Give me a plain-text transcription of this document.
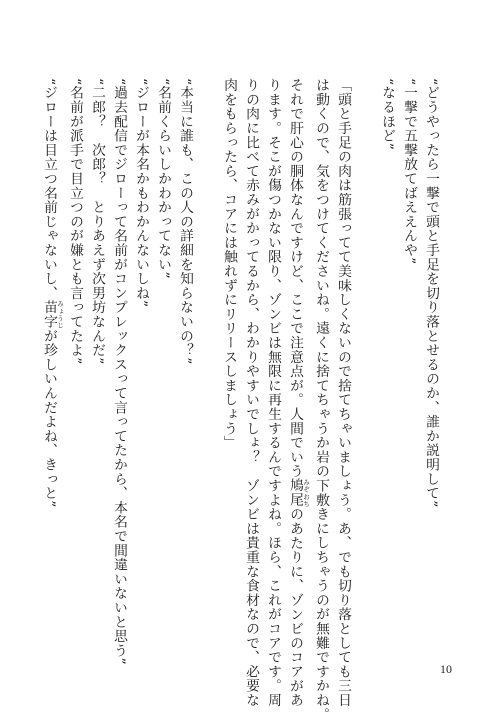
“どうやったら一撃で頭と手足を切り落とせるのか、誰か説明して”
“一撃で五撃放てばええんや”
“なるほど”
「頭と手足の肉は筋張ってて美味しくないので捨てちゃいましょう。あ、でも切り落としても三日
は動くので、気をつけてくださいね。遠くに捨てちゃうか岩の下敷きにしちゃうのが無難ですかね。
それで肝心の胴体なんですけど、ここで注意点が。人間でいう鳩尾 みぞおちのあたりに、ゾンビのコアがあ
ります。そこが傷つかない限り、ゾンビは無限に再生するんですよね。ほら、これがコアです。周
りの肉に比べて赤みがかってるから、わかりやすいでしょ？　ゾンビは貴重な食材なので、必要な
肉をもらったら、コアには触れずにリリースしましょう」
“本当に誰も、この人の詳細を知らないの？”
“名前くらいしかわかってない”
“ジローが本名かもわかんないしね”
“過去配信でジローって名前がコンプレックスって言ってたから、本名で間違いないと思う”
“二郎？　次郎？　とりあえず次男坊なんだ”
“名前が派手で目立つのが嫌とも言ってたよ”
“ジローは目立つ名前じゃないし、苗字 みょうじが珍しいんだよね、きっと”
10
